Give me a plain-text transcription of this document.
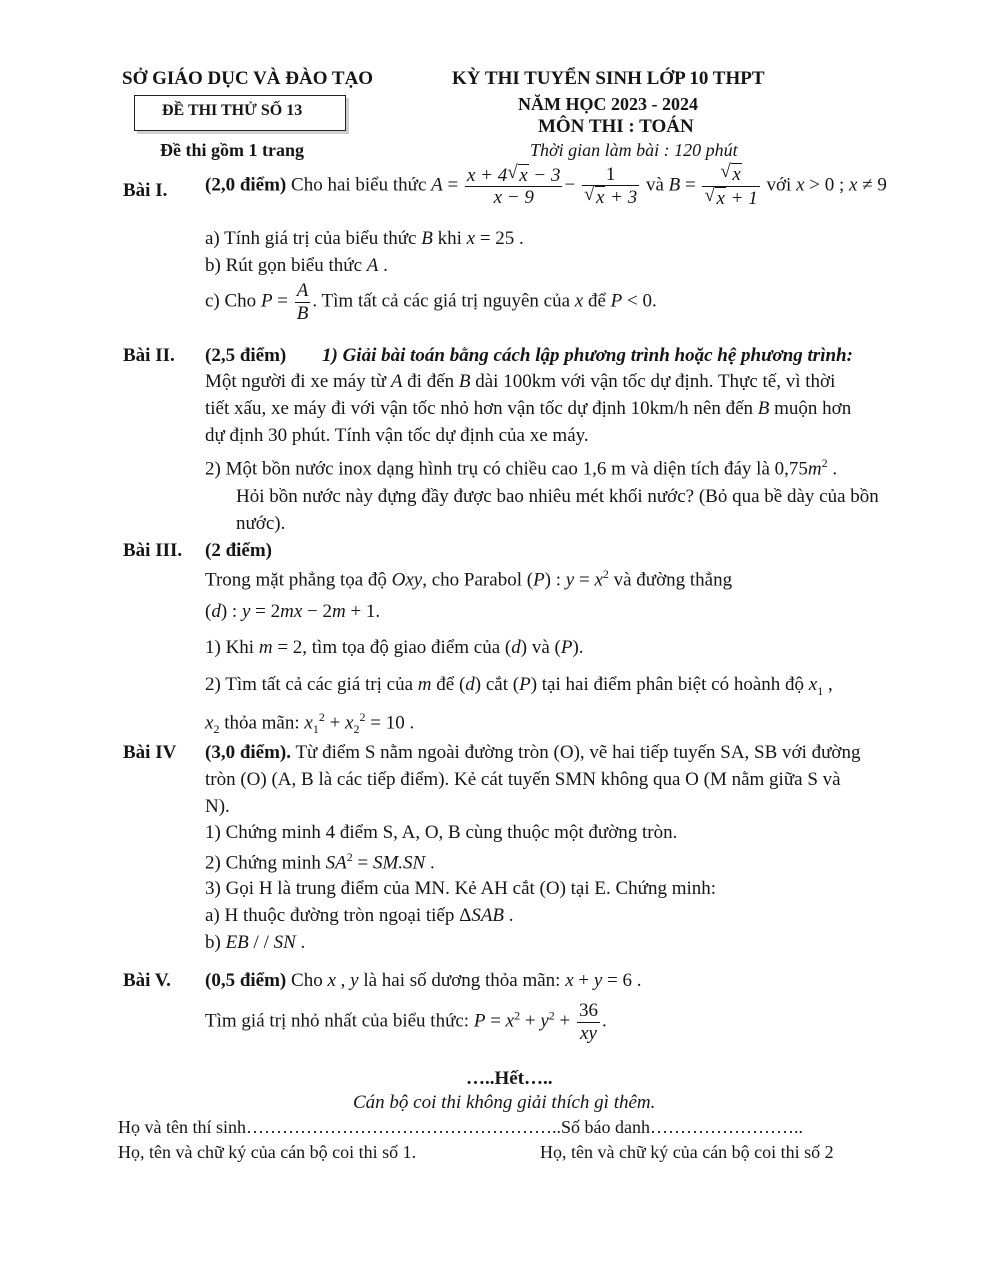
SỞ GIÁO DỤC VÀ ĐÀO TẠO	KỲ THI TUYỂN SINH LỚP 10 THPT
ĐỀ THI THỬ SỐ 13	NĂM HỌC 2023 - 2024
MÔN THI : TOÁN
Đề thi gồm 1 trang	Thời gian làm bài : 120 phút
Bài I. (2,0 điểm) Cho hai biểu thức $A = \frac{x + 4 √ x - 3}{x - 9} - 1$
√ x + 3 và B = √ x
√ x + 1 với x > 0 ; x ≠ 9
a) Tính giá trị của biểu thức B khi x = 25 .
b) Rút gọn biểu thức A .
c) Cho $P = \frac{A}{B}$ . Tìm tất cả các giá trị nguyên của x để P < 0.
Bài II. (2,5 điểm) 1) Giải bài toán bằng cách lập phương trình hoặc hệ phương trình:
Một người đi xe máy từ A đi đến B dài 100km với vận tốc dự định. Thực tế, vì thời
tiết xấu, xe máy đi với vận tốc nhỏ hơn vận tốc dự định 10km/h nên đến B muộn hơn
dự định 30 phút. Tính vận tốc dự định của xe máy.
2) Một bồn nước inox dạng hình trụ có chiều cao 1,6 m và diện tích đáy là $0,75m^2$ .
Hỏi bồn nước này đựng đầy được bao nhiêu mét khối nước? (Bỏ qua bề dày của bồn
nước).
Bài III. (2 điểm)
Trong mặt phẳng tọa độ Oxy, cho Parabol (P) : $y = x^2$ và đường thẳng
(d) : y = 2mx − 2m + 1.
1) Khi m = 2, tìm tọa độ giao điểm của (d) và (P).
2) Tìm tất cả các giá trị của m để (d) cắt (P) tại hai điểm phân biệt có hoành độ $x_1$ ,
$x_2$ thỏa mãn: $x_1^2 + x_2^2 = 10$ .
Bài IV (3,0 điểm). Từ điểm S nằm ngoài đường tròn (O), vẽ hai tiếp tuyến SA, SB với đường
tròn (O) (A, B là các tiếp điểm). Kẻ cát tuyến SMN không qua O (M nằm giữa S và
N).
1) Chứng minh 4 điểm S, A, O, B cùng thuộc một đường tròn.
2) Chứng minh $SA^2 = SM.SN$ .
3) Gọi H là trung điểm của MN. Kẻ AH cắt (O) tại E. Chứng minh:
a) H thuộc đường tròn ngoại tiếp ΔSAB .
b) EB / / SN .
Bài V. (0,5 điểm) Cho x , y là hai số dương thỏa mãn: x + y = 6 .
Tìm giá trị nhỏ nhất của biểu thức: $P = x^2 + y^2 + \frac{36}{xy}$ .
…..Hết…..
Cán bộ coi thi không giải thích gì thêm.
Họ và tên thí sinh……………………………………………..Số báo danh……………………..
Họ, tên và chữ ký của cán bộ coi thi số 1.	Họ, tên và chữ ký của cán bộ coi thi số 2
